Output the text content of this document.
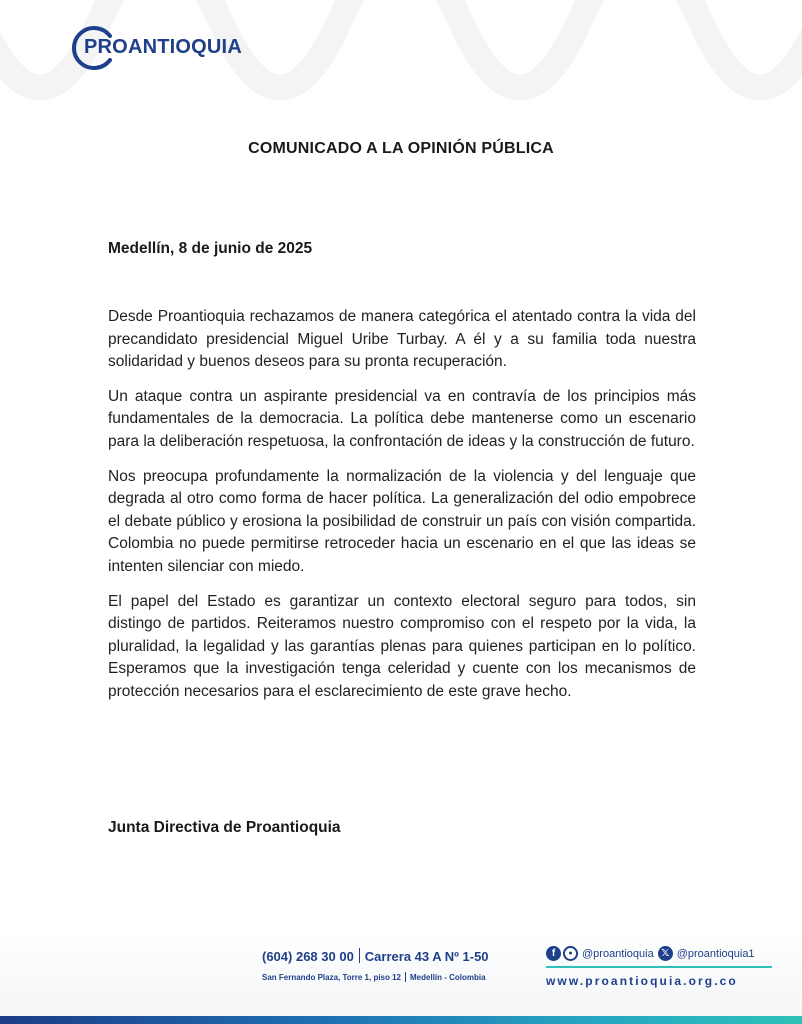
PROANTIOQUIA
COMUNICADO A LA OPINIÓN PÚBLICA
Medellín, 8 de junio de 2025

Desde Proantioquia rechazamos de manera categórica el atentado contra la vida del precandidato presidencial Miguel Uribe Turbay. A él y a su familia toda nuestra solidaridad y buenos deseos para su pronta recuperación.

Un ataque contra un aspirante presidencial va en contravía de los principios más fundamentales de la democracia. La política debe mantenerse como un escenario para la deliberación respetuosa, la confrontación de ideas y la construcción de futuro.

Nos preocupa profundamente la normalización de la violencia y del lenguaje que degrada al otro como forma de hacer política. La generalización del odio empobrece el debate público y erosiona la posibilidad de construir un país con visión compartida. Colombia no puede permitirse retroceder hacia un escenario en el que las ideas se intenten silenciar con miedo.

El papel del Estado es garantizar un contexto electoral seguro para todos, sin distingo de partidos. Reiteramos nuestro compromiso con el respeto por la vida, la pluralidad, la legalidad y las garantías plenas para quienes participan en lo político. Esperamos que la investigación tenga celeridad y cuente con los mecanismos de protección necesarios para el esclarecimiento de este grave hecho.

Junta Directiva de Proantioquia
(604) 268 30 00 Carrera 43 A Nº 1-50
San Fernando Plaza, Torre 1, piso 12 Medellín - Colombia
f	● @proantioquia 𝕏 @proantioquia1
www.proantioquia.org.co
